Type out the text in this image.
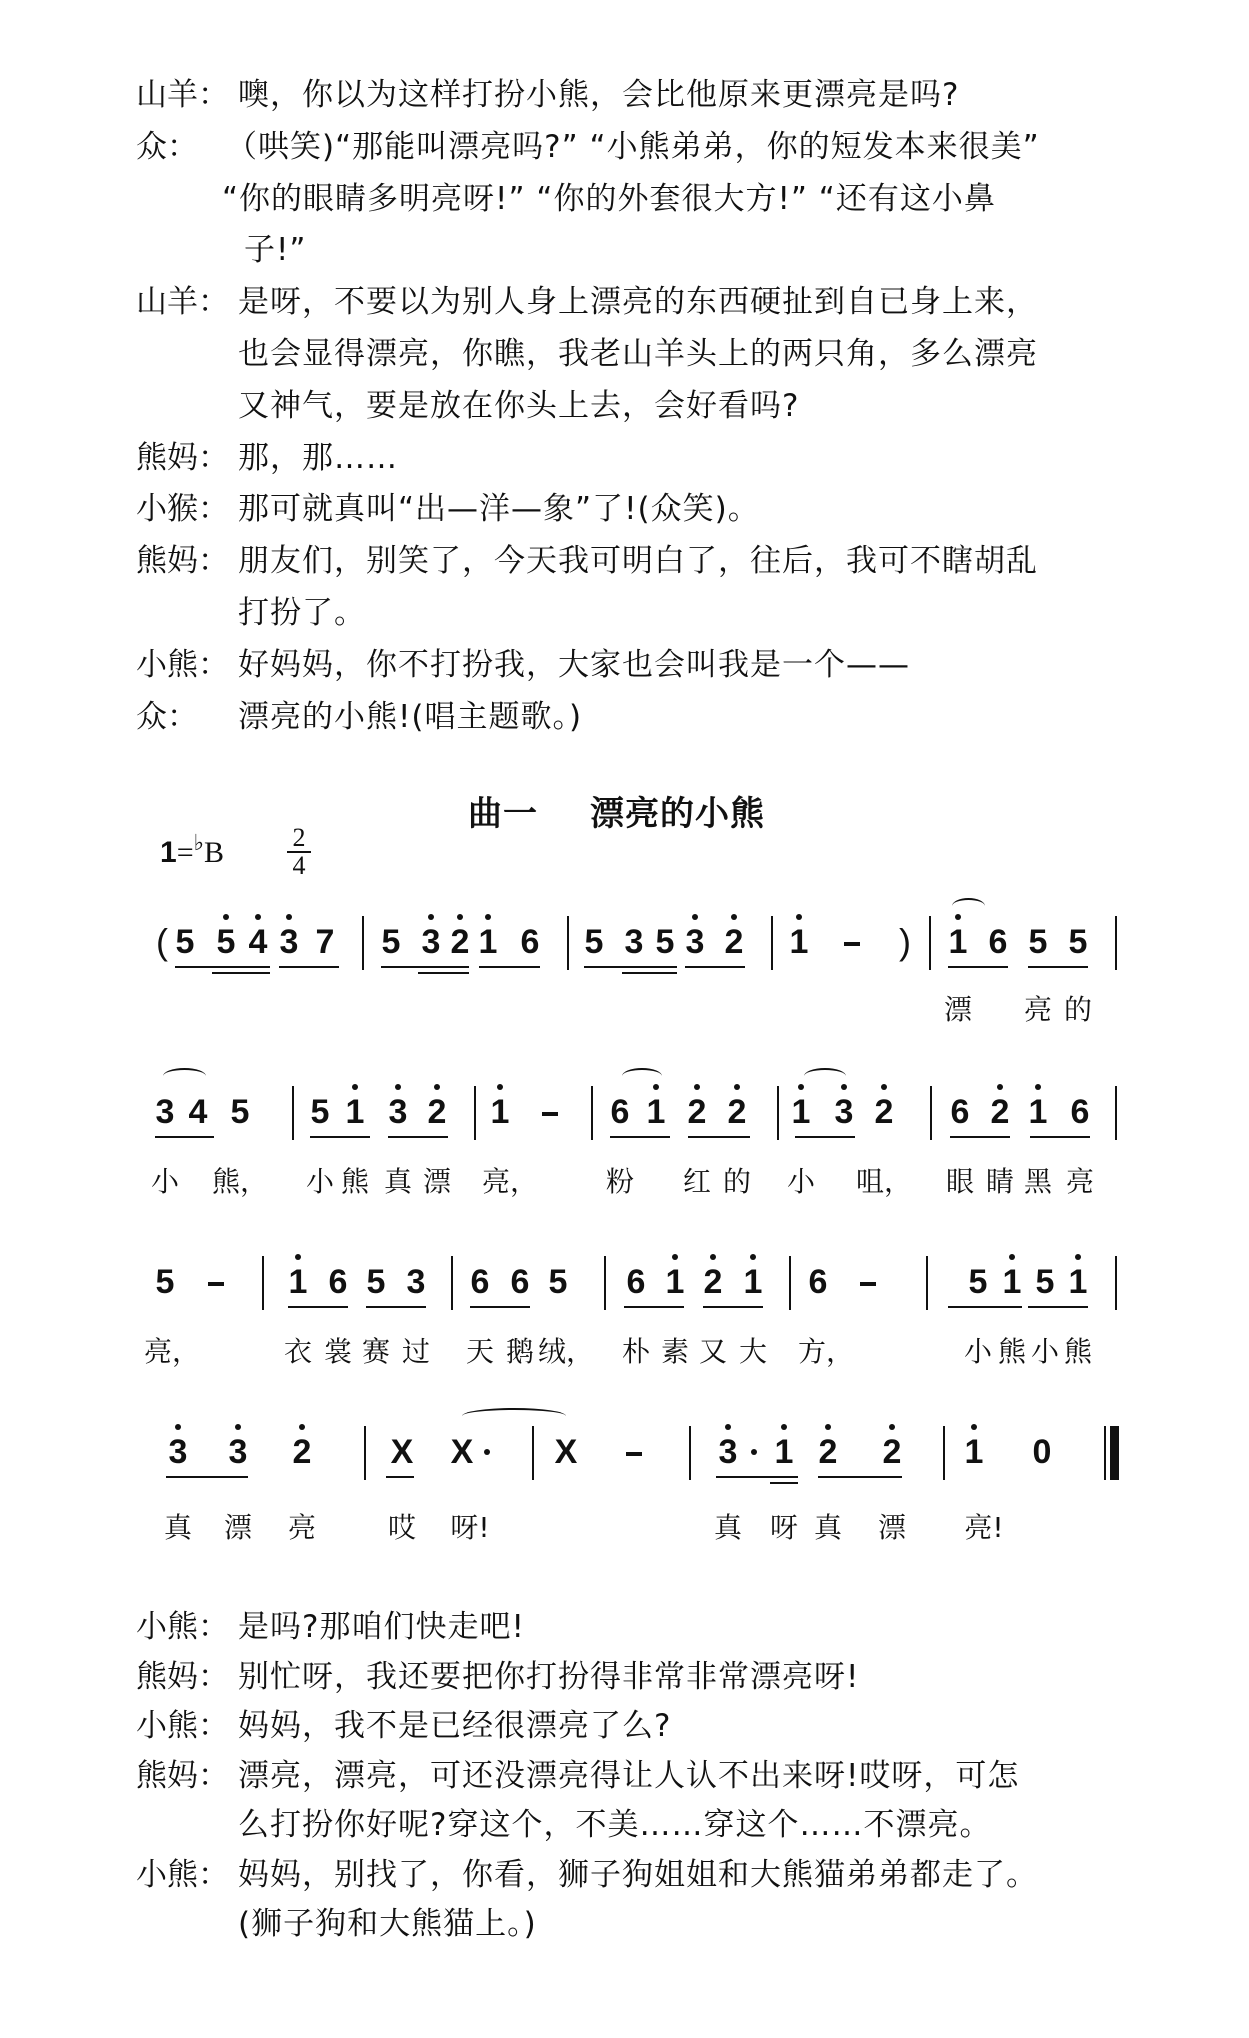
山羊： 噢，你以为这样打扮小熊，会比他原来更漂亮是吗?
众： （哄笑)“那能叫漂亮吗?” “小熊弟弟，你的短发本来很美”
“你的眼睛多明亮呀!” “你的外套很大方!” “还有这小鼻
子!”
山羊： 是呀，不要以为别人身上漂亮的东西硬扯到自已身上来，
也会显得漂亮，你瞧，我老山羊头上的两只角，多么漂亮
又神气，要是放在你头上去，会好看吗?
熊妈： 那，那……
小猴： 那可就真叫“出—洋—象”了!(众笑)。
熊妈： 朋友们，别笑了，今天我可明白了，往后，我可不瞎胡乱
打扮了。
小熊： 好妈妈，你不打扮我，大家也会叫我是一个——
众： 漂亮的小熊!(唱主题歌。)
曲一 漂亮的小熊
1=♭B	2
4
(	)
5 5 4 3 7 5 3 2 1 6 5 3 5 3 2 1	1 6 5 5
漂 亮 的
3 4 5 5 1 3 2 1	6 1 2 2 1 3 2 6 2 1 6
小 熊， 小 熊 真 漂 亮， 粉 红 的 小 咀， 眼 睛 黑 亮
5	1 6 5 3 6 6 5 6 1 2 1 6	5 1 5 1
亮，	衣 裳 赛 过 天 鹅 绒， 朴 素 又 大 方，	小 熊 小 熊
3 3 2 X X X	3 1 2 2 1 0
真 漂 亮	哎 呀!	真 呀 真 漂 亮!
小熊： 是吗?那咱们快走吧!
熊妈： 别忙呀，我还要把你打扮得非常非常漂亮呀!
小熊： 妈妈，我不是已经很漂亮了么?
熊妈： 漂亮，漂亮，可还没漂亮得让人认不出来呀!哎呀，可怎
么打扮你好呢?穿这个，不美……穿这个……不漂亮。
小熊： 妈妈，别找了，你看，狮子狗姐姐和大熊猫弟弟都走了。
(狮子狗和大熊猫上。)
